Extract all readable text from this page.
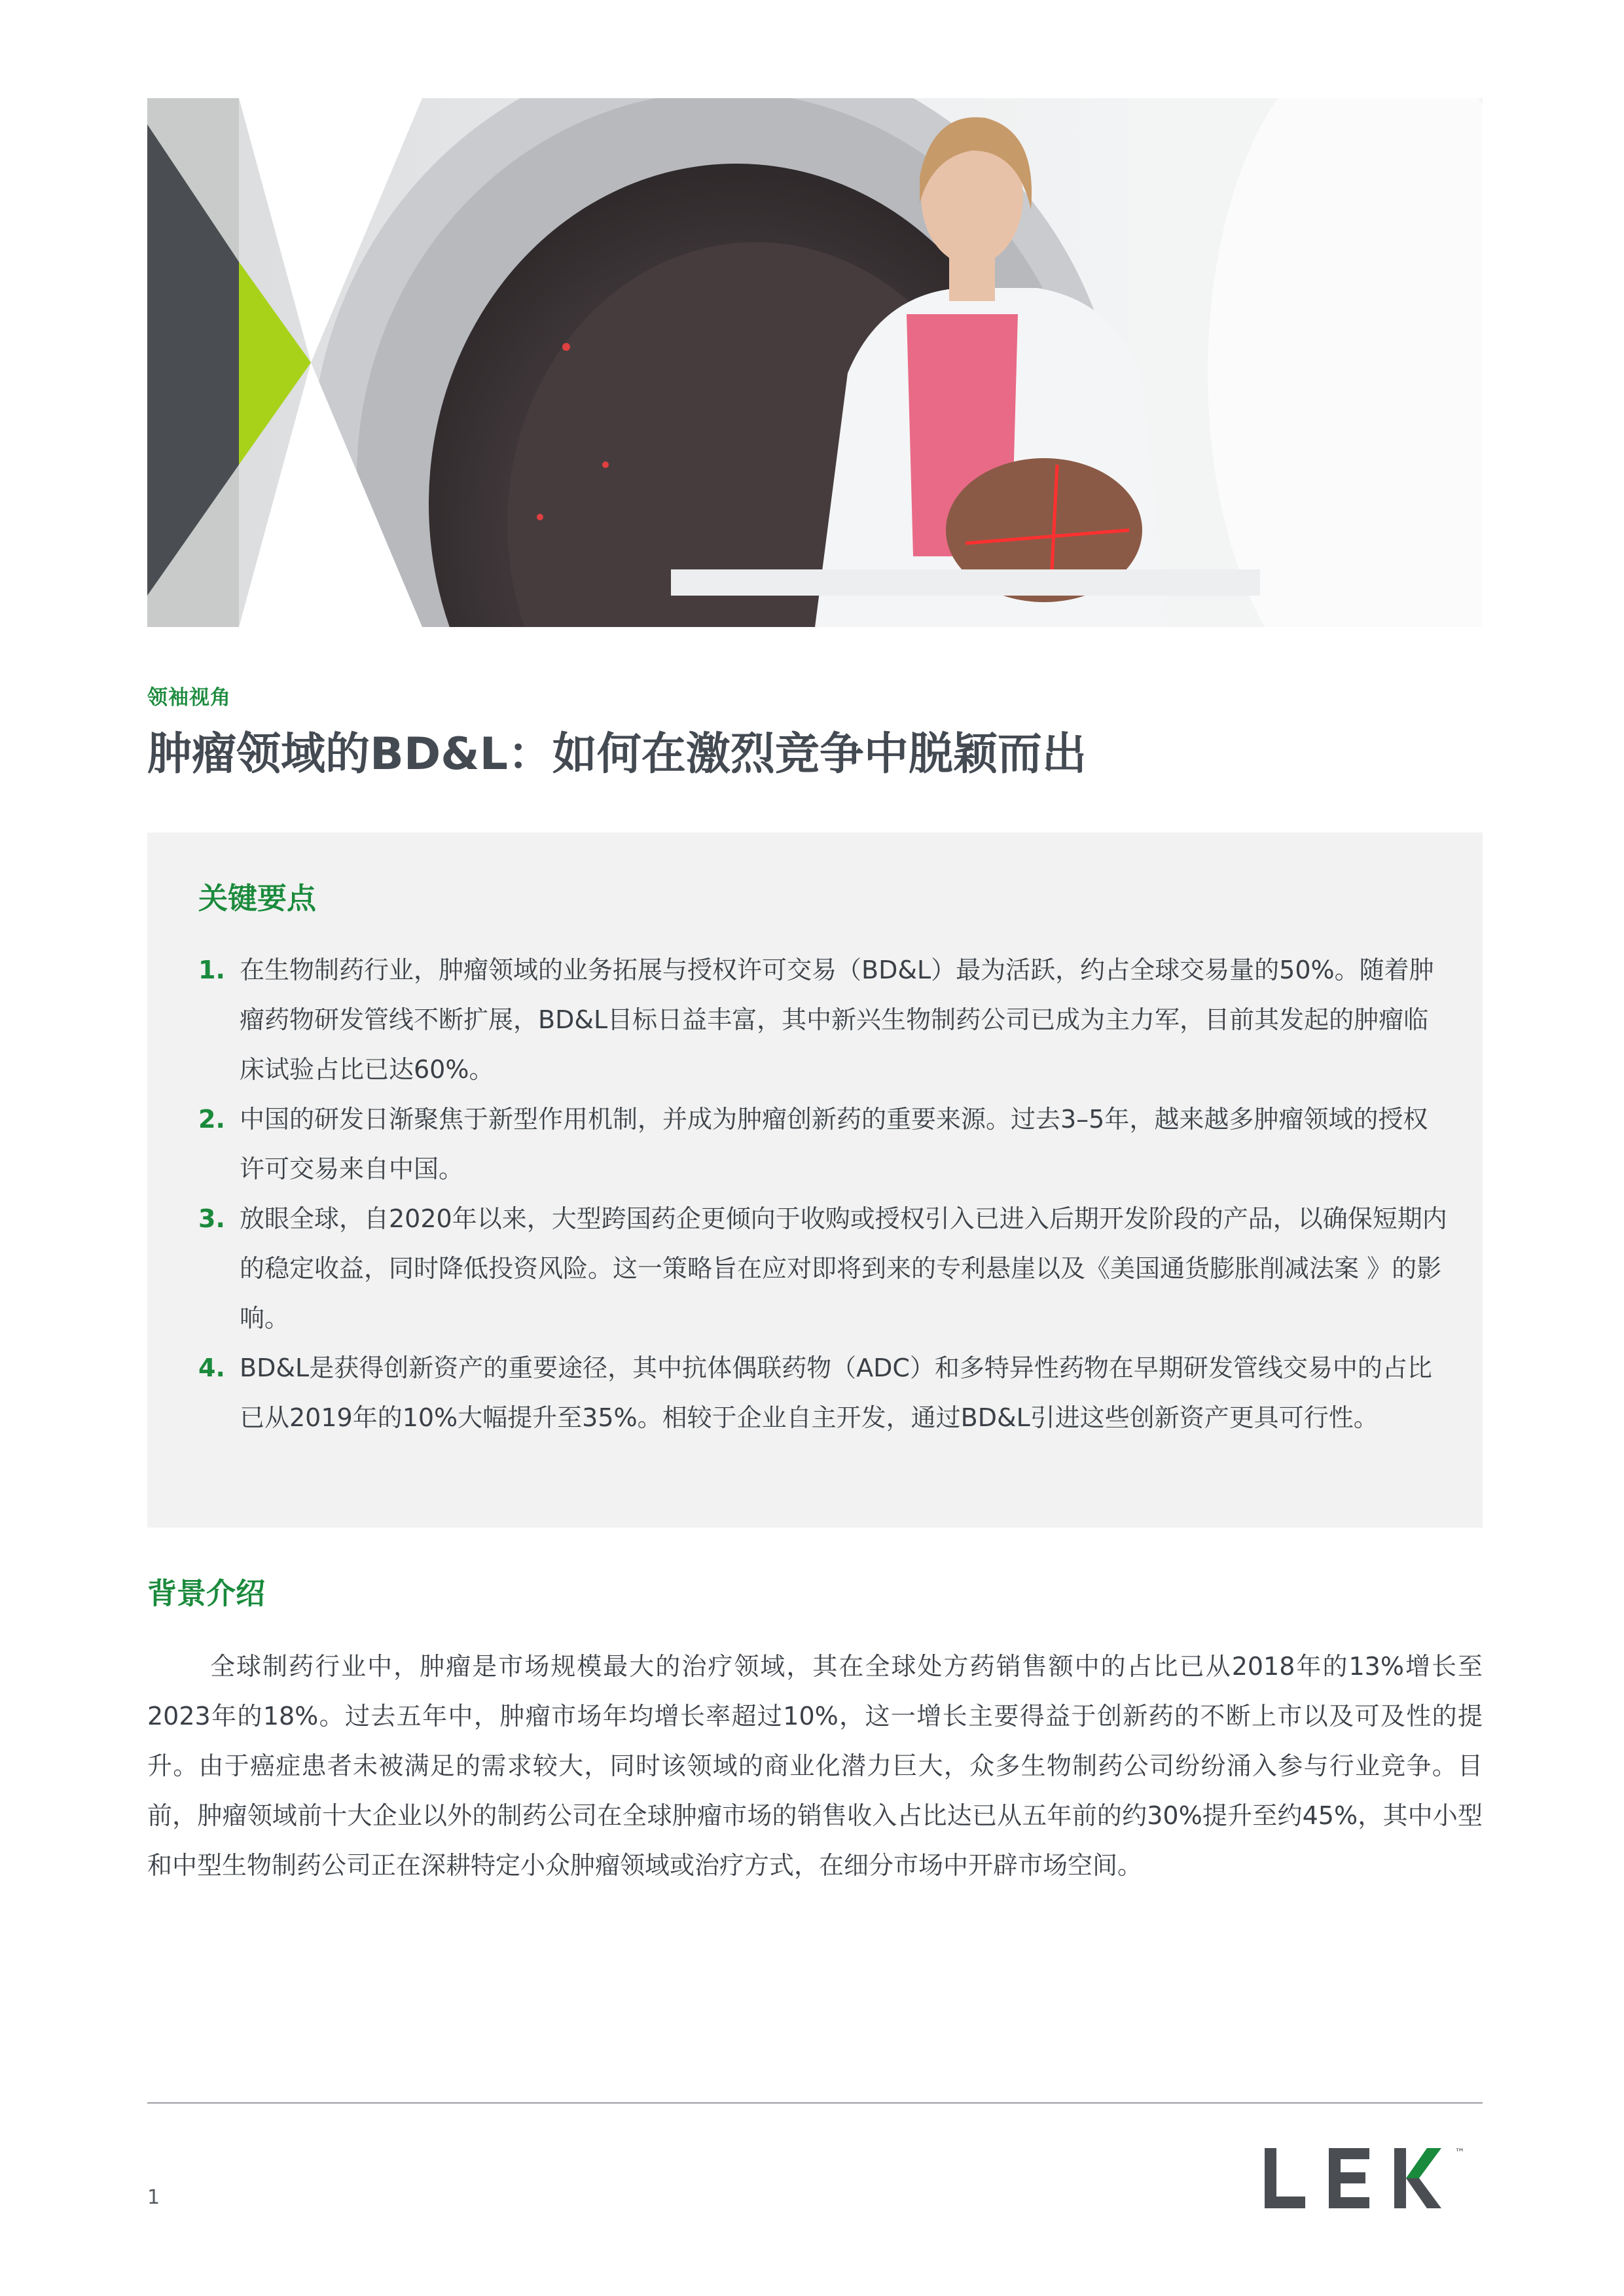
领袖视角
肿瘤领域的BD&L：如何在激烈竞争中脱颖而出
关键要点
1. 在生物制药行业，肿瘤领域的业务拓展与授权许可交易（BD&L）最为活跃，约占全球交易量的50%。随着肿瘤药物研发管线不断扩展，BD&L目标日益丰富，其中新兴生物制药公司已成为主力军，目前其发起的肿瘤临床试验占比已达60%。
2. 中国的研发日渐聚焦于新型作用机制，并成为肿瘤创新药的重要来源。过去3–5年，越来越多肿瘤领域的授权许可交易来自中国。
3. 放眼全球，自2020年以来，大型跨国药企更倾向于收购或授权引入已进入后期开发阶段的产品，以确保短期内的稳定收益，同时降低投资风险。这一策略旨在应对即将到来的专利悬崖以及《美国通货膨胀削减法案 》的影响。
4. BD&L是获得创新资产的重要途径，其中抗体偶联药物（ADC）和多特异性药物在早期研发管线交易中的占比已从2019年的10%大幅提升至35%。相较于企业自主开发，通过BD&L引进这些创新资产更具可行性。
背景介绍

全球制药行业中，肿瘤是市场规模最大的治疗领域，其在全球处方药销售额中的占比已从2018年的13%增长至2023年的18%。过去五年中，肿瘤市场年均增长率超过10%，这一增长主要得益于创新药的不断上市以及可及性的提升。由于癌症患者未被满足的需求较大，同时该领域的商业化潜力巨大，众多生物制药公司纷纷涌入参与行业竞争。目前，肿瘤领域前十大企业以外的制药公司在全球肿瘤市场的销售收入占比达已从五年前的约30%提升至约45%，其中小型和中型生物制药公司正在深耕特定小众肿瘤领域或治疗方式，在细分市场中开辟市场空间。

1
™
